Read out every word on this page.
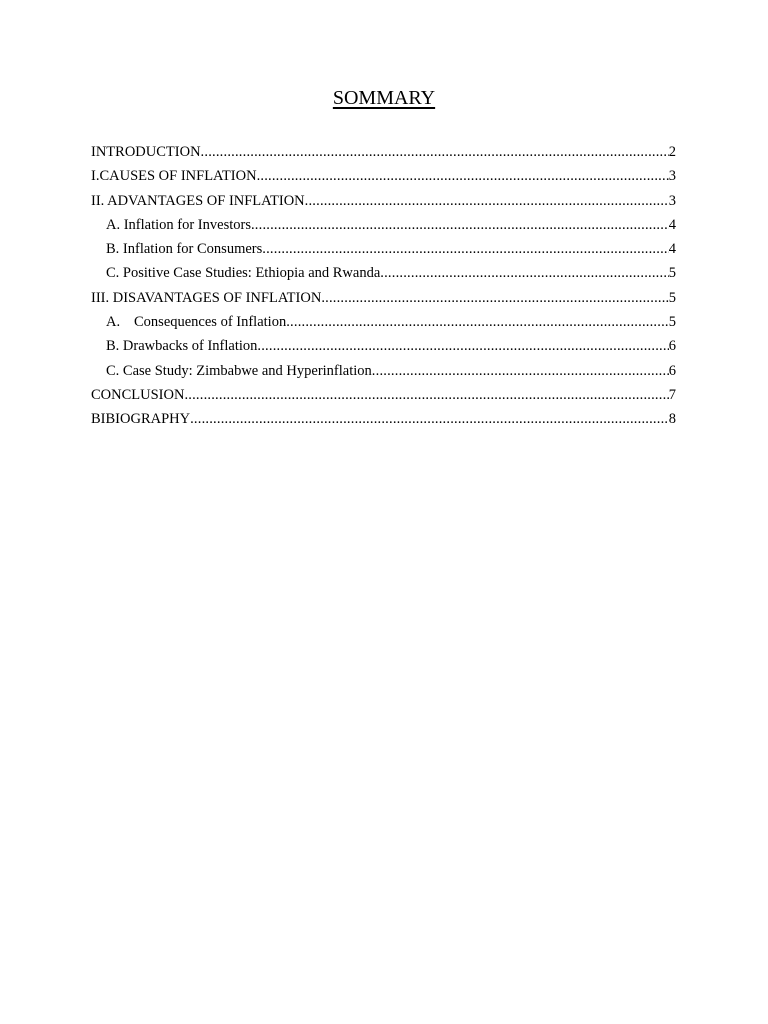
SOMMARY
INTRODUCTION .....	2
I.CAUSES OF INFLATION .....	3
II. ADVANTAGES OF INFLATION .....	3
A. Inflation for Investors .....	4
B. Inflation for Consumers .....	4
C. Positive Case Studies: Ethiopia and Rwanda .....	5
III. DISAVANTAGES OF INFLATION .....	5
A. Consequences of Inflation .....	5
B. Drawbacks of Inflation .....	6
C. Case Study: Zimbabwe and Hyperinflation .....	6
CONCLUSION .....	7
BIBIOGRAPHY .....	8
